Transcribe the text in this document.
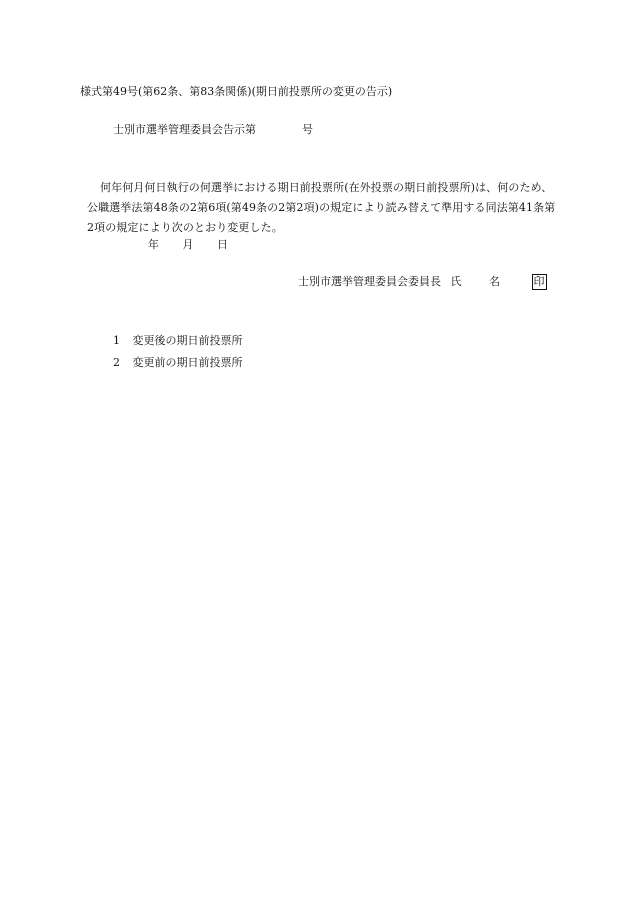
様式第49号(第62条、第83条関係)(期日前投票所の変更の告示)
士別市選挙管理委員会告示第	号
何年何月何日執行の何選挙における期日前投票所(在外投票の期日前投票所)は、何のため、公職選挙法第48条の2第6項(第49条の2第2項)の規定により読み替えて準用する同法第41条第2項の規定により次のとおり変更した。
年 月 日
士別市選挙管理委員会委員長 氏	名	印
1 変更後の期日前投票所
2 変更前の期日前投票所
